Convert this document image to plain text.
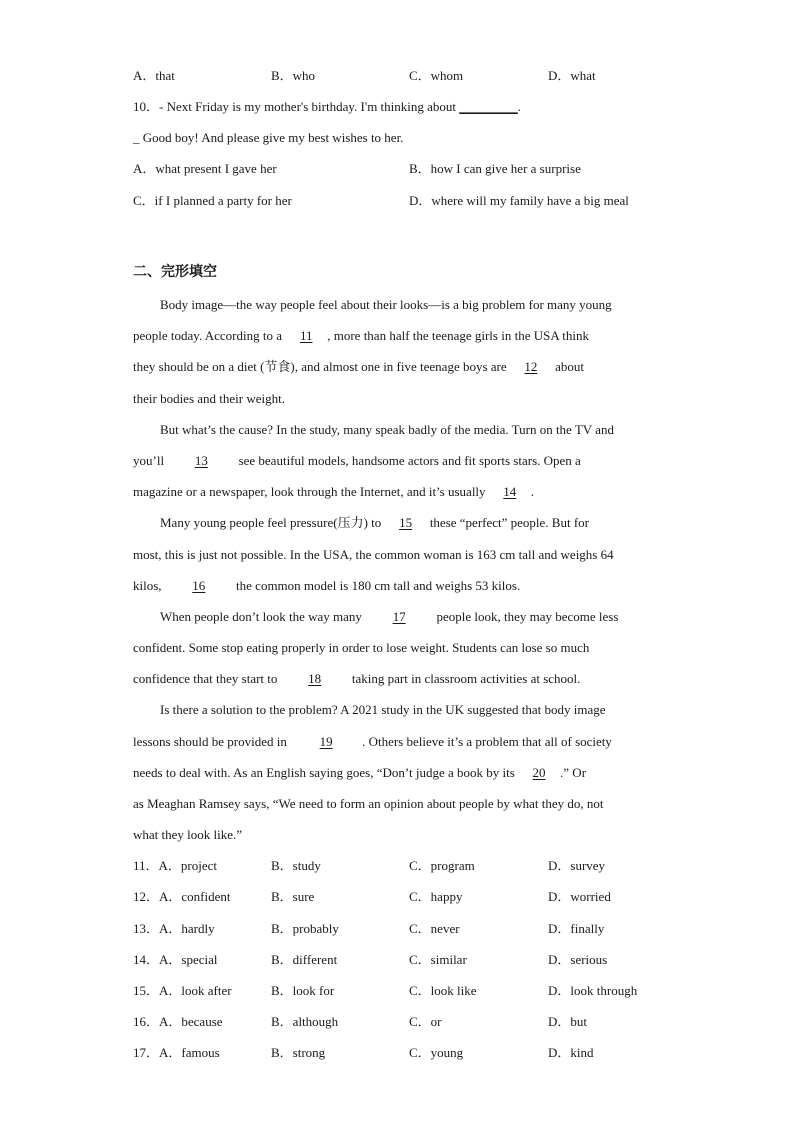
A．that	B．who	C．whom	D．what
10．- Next Friday is my mother's birthday. I'm thinking about _________.
_ Good boy! And please give my best wishes to her.
A．what present I gave her	B．how I can give her a surprise
C．if I planned a party for her	D．where will my family have a big meal
二、完形填空
Body image—the way people feel about their looks—is a big problem for many young
people today. According to a 11 , more than half the teenage girls in the USA think
they should be on a diet (节食), and almost one in five teenage boys are 12 about
their bodies and their weight.
But what’s the cause? In the study, many speak badly of the media. Turn on the TV and
you’ll 13 see beautiful models, handsome actors and fit sports stars. Open a
magazine or a newspaper, look through the Internet, and it’s usually 14 .
Many young people feel pressure(压力) to 15 these “perfect” people. But for
most, this is just not possible. In the USA, the common woman is 163 cm tall and weighs 64
kilos, 16 the common model is 180 cm tall and weighs 53 kilos.
When people don’t look the way many 17 people look, they may become less
confident. Some stop eating properly in order to lose weight. Students can lose so much
confidence that they start to 18 taking part in classroom activities at school.
Is there a solution to the problem? A 2021 study in the UK suggested that body image
lessons should be provided in 19 . Others believe it’s a problem that all of society
needs to deal with. As an English saying goes, “Don’t judge a book by its 20 .” Or
as Meaghan Ramsey says, “We need to form an opinion about people by what they do, not
what they look like.”
11．A．project	B．study	C．program	D．survey
12．A．confident	B．sure	C．happy	D．worried
13．A．hardly	B．probably	C．never	D．finally
14．A．special	B．different	C．similar	D．serious
15．A．look after	B．look for	C．look like	D．look through
16．A．because	B．although	C．or	D．but
17．A．famous	B．strong	C．young	D．kind
